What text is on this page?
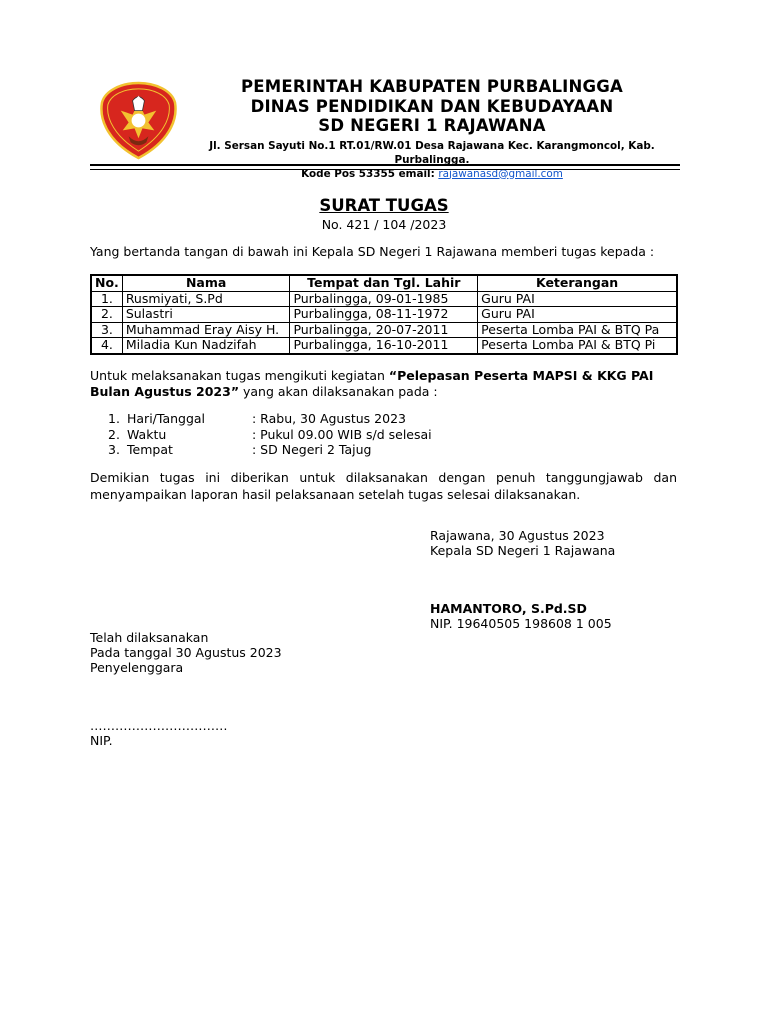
✦
PEMERINTAH KABUPATEN PURBALINGGA
DINAS PENDIDIKAN DAN KEBUDAYAAN
SD NEGERI 1 RAJAWANA
Jl. Sersan Sayuti No.1 RT.01/RW.01 Desa Rajawana Kec. Karangmoncol, Kab. Purbalingga.
Kode Pos 53355 email: rajawanasd@gmail.com
SURAT TUGAS
No. 421 / 104 /2023
Yang bertanda tangan di bawah ini Kepala SD Negeri 1 Rajawana memberi tugas kepada :
No.	Nama	Tempat dan Tgl. Lahir	Keterangan
1.	Rusmiyati, S.Pd	Purbalingga, 09-01-1985	Guru PAI
2.	Sulastri	Purbalingga, 08-11-1972	Guru PAI
3.	Muhammad Eray Aisy H.	Purbalingga, 20-07-2011	Peserta Lomba PAI & BTQ Pa
4.	Miladia Kun Nadzifah	Purbalingga, 16-10-2011	Peserta Lomba PAI & BTQ Pi
Untuk melaksanakan tugas mengikuti kegiatan “Pelepasan Peserta MAPSI & KKG PAI
Bulan Agustus 2023” yang akan dilaksanakan pada :
1. Hari/Tanggal	: Rabu, 30 Agustus 2023
2. Waktu	: Pukul 09.00 WIB s/d selesai
3. Tempat	: SD Negeri 2 Tajug
Demikian tugas ini diberikan untuk dilaksanakan dengan penuh tanggungjawab dan menyampaikan laporan hasil pelaksanaan setelah tugas selesai dilaksanakan.
Rajawana, 30 Agustus 2023
Kepala SD Negeri 1 Rajawana
HAMANTORO, S.Pd.SD
NIP. 19640505 198608 1 005
Telah dilaksanakan
Pada tanggal 30 Agustus 2023
Penyelenggara
……………………………
NIP.
